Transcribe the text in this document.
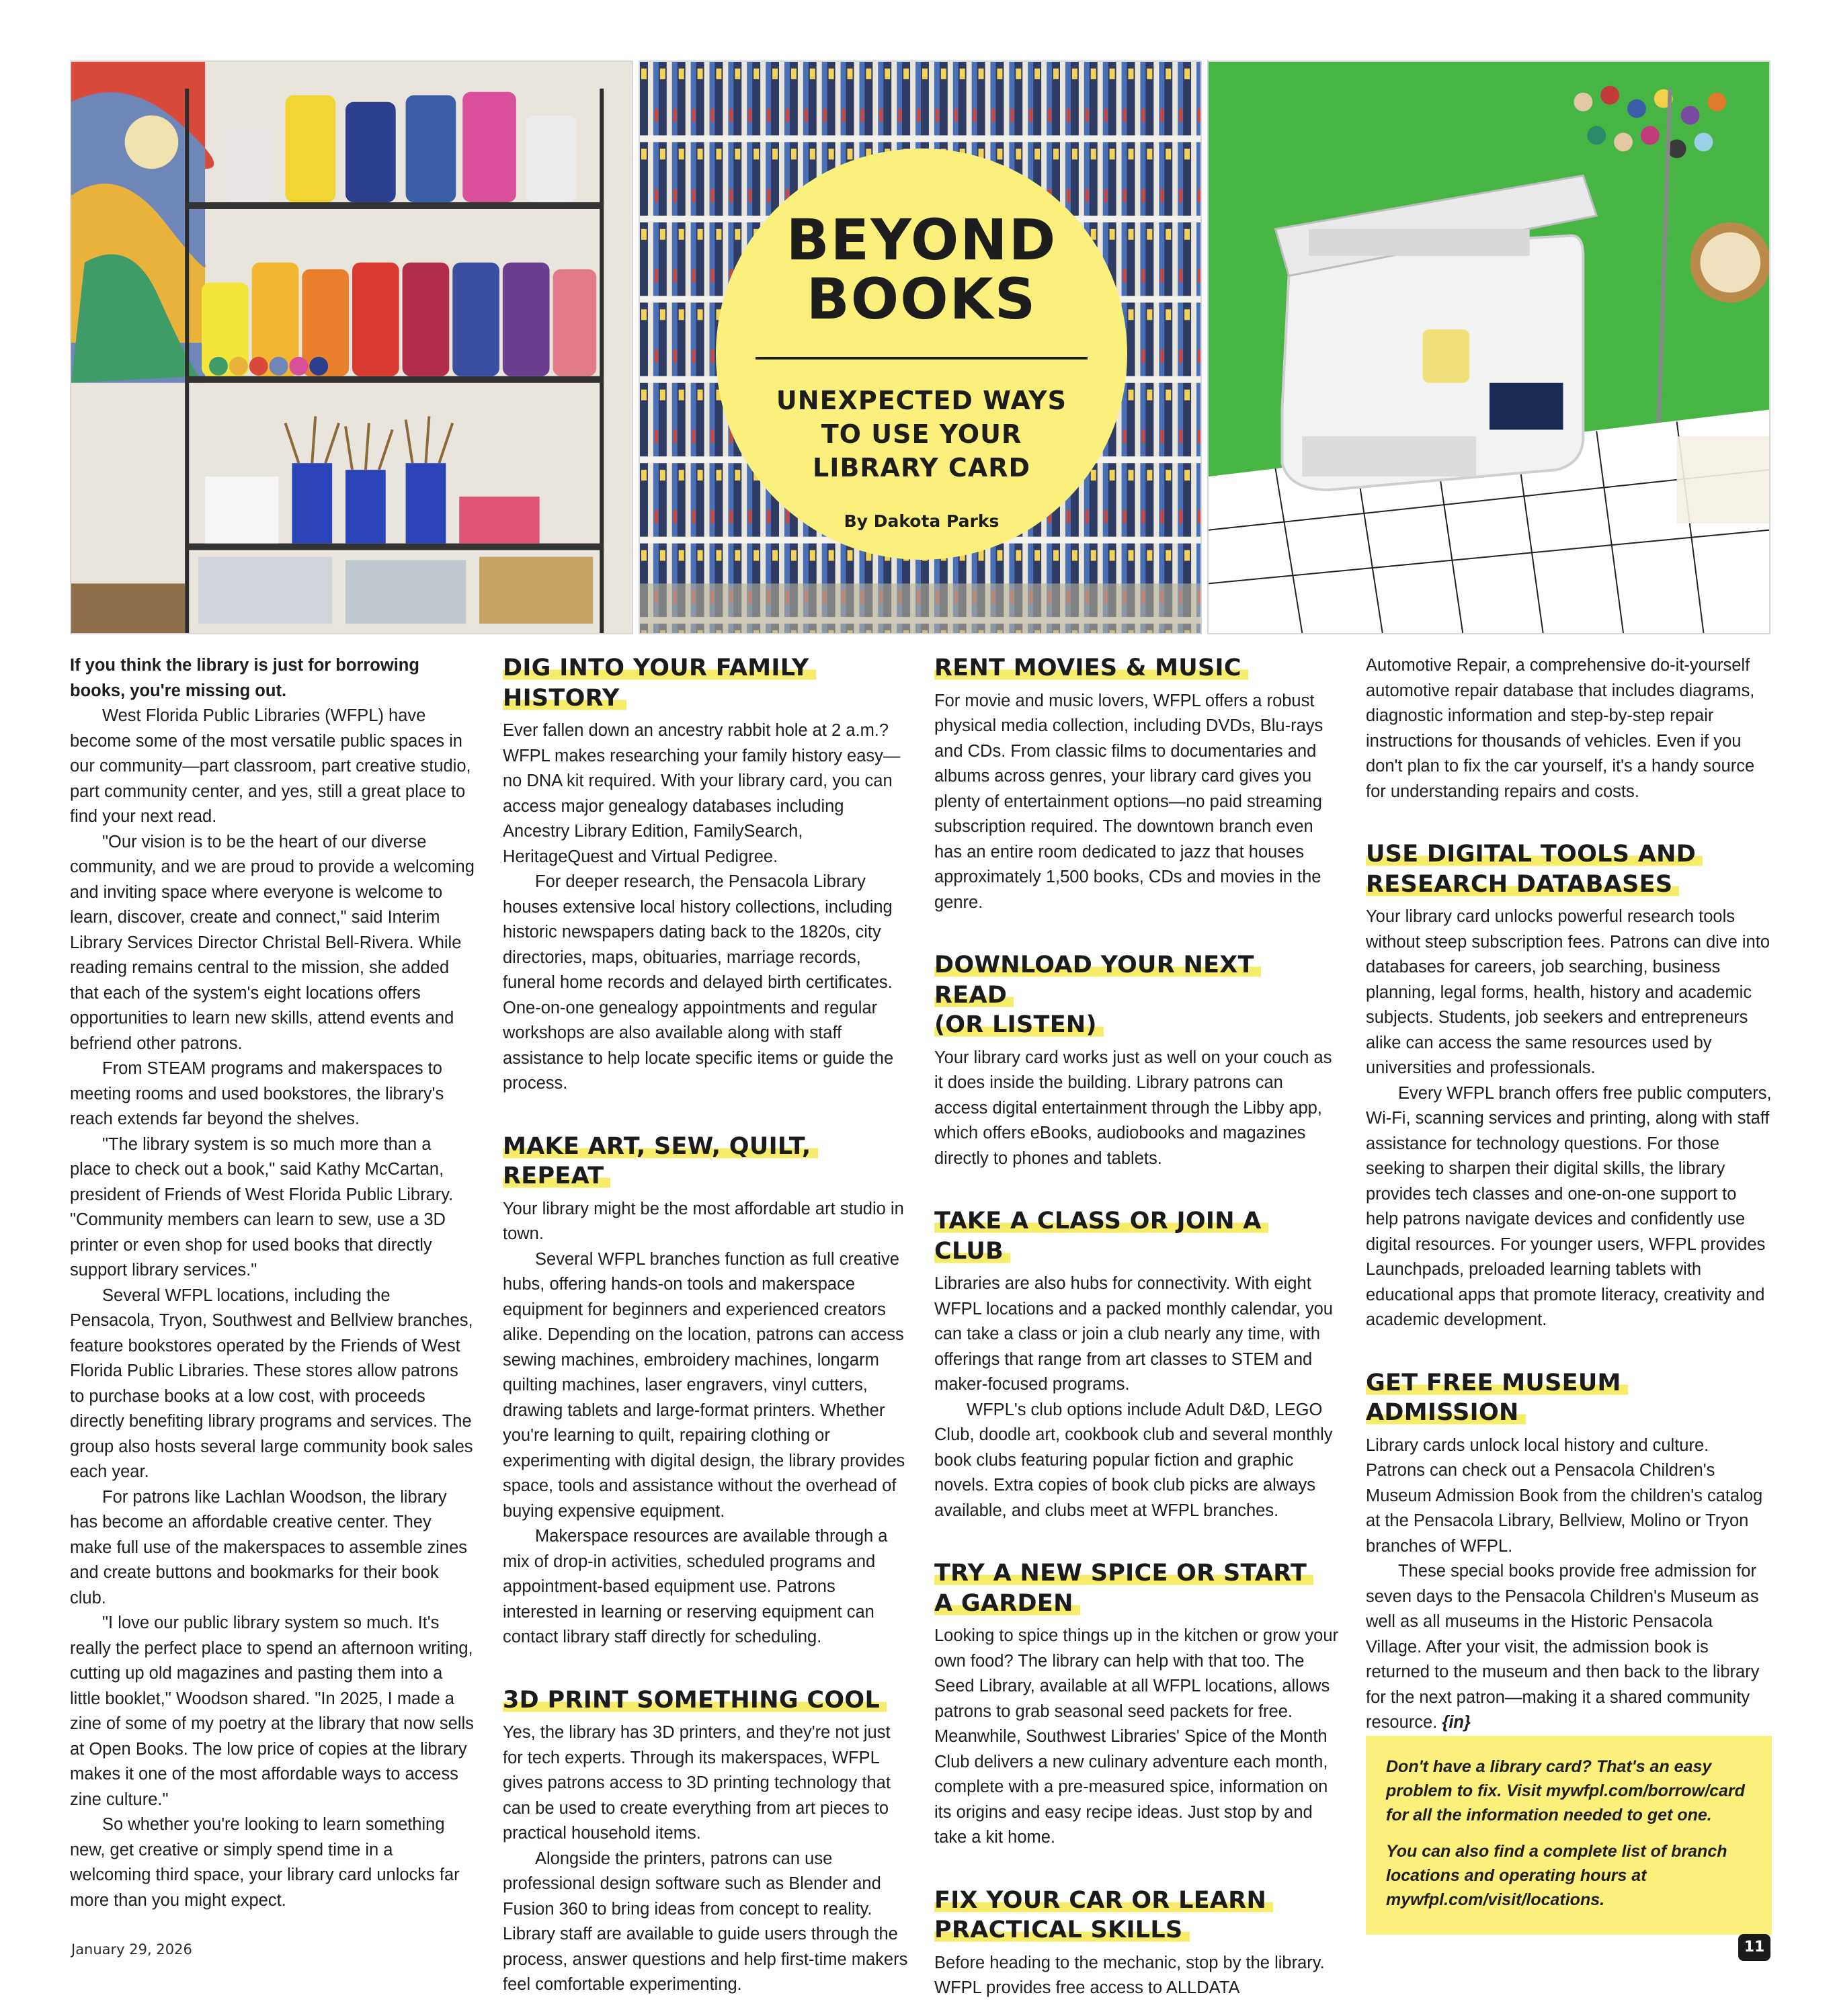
BEYOND

BOOKS

UNEXPECTED WAYS

TO USE YOUR

LIBRARY CARD

By Dakota Parks

If you think the library is just for borrowing books, you're missing out.

West Florida Public Libraries (WFPL) have become some of the most versatile public spaces in our community—part classroom, part creative studio, part community center, and yes, still a great place to find your next read.

"Our vision is to be the heart of our diverse community, and we are proud to provide a welcoming and inviting space where everyone is welcome to learn, discover, create and connect," said Interim Library Services Director Christal Bell-Rivera. While reading remains central to the mission, she added that each of the system's eight locations offers opportunities to learn new skills, attend events and befriend other patrons.

From STEAM programs and makerspaces to meeting rooms and used bookstores, the library's reach extends far beyond the shelves.

"The library system is so much more than a place to check out a book," said Kathy McCartan, president of Friends of West Florida Public Library. "Community members can learn to sew, use a 3D printer or even shop for used books that directly support library services."

Several WFPL locations, including the Pensacola, Tryon, Southwest and Bellview branches, feature bookstores operated by the Friends of West Florida Public Libraries. These stores allow patrons to purchase books at a low cost, with proceeds directly benefiting library programs and services. The group also hosts several large community book sales each year.

For patrons like Lachlan Woodson, the library has become an affordable creative center. They make full use of the makerspaces to assemble zines and create buttons and bookmarks for their book club.

"I love our public library system so much. It's really the perfect place to spend an afternoon writing, cutting up old magazines and pasting them into a little booklet," Woodson shared. "In 2025, I made a zine of some of my poetry at the library that now sells at Open Books. The low price of copies at the library makes it one of the most affordable ways to access zine culture."

So whether you're looking to learn something new, get creative or simply spend time in a welcoming third space, your library card unlocks far more than you might expect.

DIG INTO YOUR FAMILY HISTORY

Ever fallen down an ancestry rabbit hole at 2 a.m.? WFPL makes researching your family history easy—no DNA kit required. With your library card, you can access major genealogy databases including Ancestry Library Edition, FamilySearch, HeritageQuest and Virtual Pedigree.

For deeper research, the Pensacola Library houses extensive local history collections, including historic newspapers dating back to the 1820s, city directories, maps, obituaries, marriage records, funeral home records and delayed birth certificates. One-on-one genealogy appointments and regular workshops are also available along with staff assistance to help locate specific items or guide the process.

MAKE ART, SEW, QUILT, REPEAT

Your library might be the most affordable art studio in town.

Several WFPL branches function as full creative hubs, offering hands-on tools and makerspace equipment for beginners and experienced creators alike. Depending on the location, patrons can access sewing machines, embroidery machines, longarm quilting machines, laser engravers, vinyl cutters, drawing tablets and large-format printers. Whether you're learning to quilt, repairing clothing or experimenting with digital design, the library provides space, tools and assistance without the overhead of buying expensive equipment.

Makerspace resources are available through a mix of drop-in activities, scheduled programs and appointment-based equipment use. Patrons interested in learning or reserving equipment can contact library staff directly for scheduling.

3D PRINT SOMETHING COOL

Yes, the library has 3D printers, and they're not just for tech experts. Through its makerspaces, WFPL gives patrons access to 3D printing technology that can be used to create everything from art pieces to practical household items.

Alongside the printers, patrons can use professional design software such as Blender and Fusion 360 to bring ideas from concept to reality. Library staff are available to guide users through the process, answer questions and help first-time makers feel comfortable experimenting.

RENT MOVIES & MUSIC

For movie and music lovers, WFPL offers a robust physical media collection, including DVDs, Blu-rays and CDs. From classic films to documentaries and albums across genres, your library card gives you plenty of entertainment options—no paid streaming subscription required. The downtown branch even has an entire room dedicated to jazz that houses approximately 1,500 books, CDs and movies in the genre.

DOWNLOAD YOUR NEXT READ
(OR LISTEN)

Your library card works just as well on your couch as it does inside the building. Library patrons can access digital entertainment through the Libby app, which offers eBooks, audiobooks and magazines directly to phones and tablets.

TAKE A CLASS OR JOIN A CLUB

Libraries are also hubs for connectivity. With eight WFPL locations and a packed monthly calendar, you can take a class or join a club nearly any time, with offerings that range from art classes to STEM and maker-focused programs.

WFPL's club options include Adult D&D, LEGO Club, doodle art, cookbook club and several monthly book clubs featuring popular fiction and graphic novels. Extra copies of book club picks are always available, and clubs meet at WFPL branches.

TRY A NEW SPICE OR START
A GARDEN

Looking to spice things up in the kitchen or grow your own food? The library can help with that too. The Seed Library, available at all WFPL locations, allows patrons to grab seasonal seed packets for free. Meanwhile, Southwest Libraries' Spice of the Month Club delivers a new culinary adventure each month, complete with a pre-measured spice, information on its origins and easy recipe ideas. Just stop by and take a kit home.

FIX YOUR CAR OR LEARN
PRACTICAL SKILLS

Before heading to the mechanic, stop by the library. WFPL provides free access to ALLDATA

Automotive Repair, a comprehensive do-it-yourself automotive repair database that includes diagrams, diagnostic information and step-by-step repair instructions for thousands of vehicles. Even if you don't plan to fix the car yourself, it's a handy source for understanding repairs and costs.

USE DIGITAL TOOLS AND
RESEARCH DATABASES

Your library card unlocks powerful research tools without steep subscription fees. Patrons can dive into databases for careers, job searching, business planning, legal forms, health, history and academic subjects. Students, job seekers and entrepreneurs alike can access the same resources used by universities and professionals.

Every WFPL branch offers free public computers, Wi-Fi, scanning services and printing, along with staff assistance for technology questions. For those seeking to sharpen their digital skills, the library provides tech classes and one-on-one support to help patrons navigate devices and confidently use digital resources. For younger users, WFPL provides Launchpads, preloaded learning tablets with educational apps that promote literacy, creativity and academic development.

GET FREE MUSEUM ADMISSION

Library cards unlock local history and culture. Patrons can check out a Pensacola Children's Museum Admission Book from the children's catalog at the Pensacola Library, Bellview, Molino or Tryon branches of WFPL.

These special books provide free admission for seven days to the Pensacola Children's Museum as well as all museums in the Historic Pensacola Village. After your visit, the admission book is returned to the museum and then back to the library for the next patron—making it a shared community resource. {in}

Don't have a library card? That's an easy problem to fix. Visit mywfpl.com/borrow/card for all the information needed to get one.

You can also find a complete list of branch locations and operating hours at mywfpl.com/visit/locations.

January 29, 2026	11
